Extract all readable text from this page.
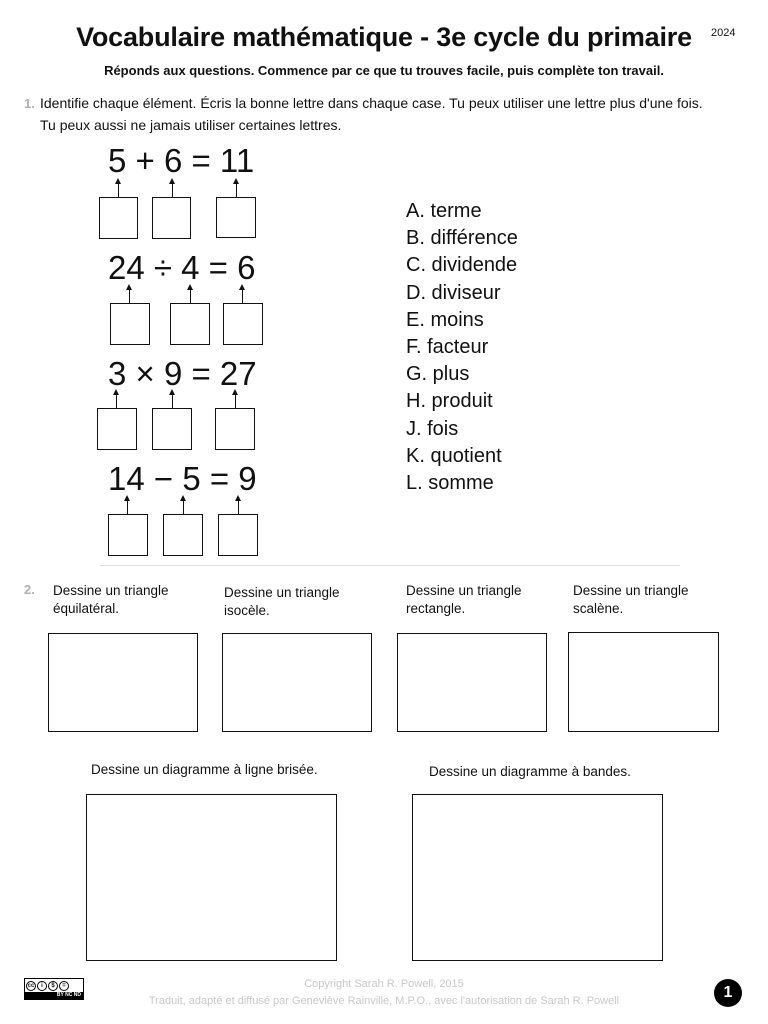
Vocabulaire mathématique - 3e cycle du primaire	2024
Réponds aux questions. Commence par ce que tu trouves facile, puis complète ton travail.
1. Identifie chaque élément. Écris la bonne lettre dans chaque case. Tu peux utiliser une lettre plus d'une fois.
Tu peux aussi ne jamais utiliser certaines lettres.
5 + 6 = 11
24 ÷ 4 = 6
3 × 9 = 27
14 − 5 = 9
A. terme
B. différence
C. dividende
D. diviseur
E. moins
F. facteur
G. plus
H. produit
J. fois
K. quotient
L. somme
2. Dessine un triangle
équilatéral.
Dessine un triangle
isocèle.
Dessine un triangle
rectangle.
Dessine un triangle
scalène.
Dessine un diagramme à ligne brisée.	Dessine un diagramme à bandes.
cc	i	$	=
BY NC ND
Copyright Sarah R. Powell, 2015
Traduit, adapté et diffusé par Geneviève Rainville, M.P.O., avec l'autorisation de Sarah R. Powell	1
